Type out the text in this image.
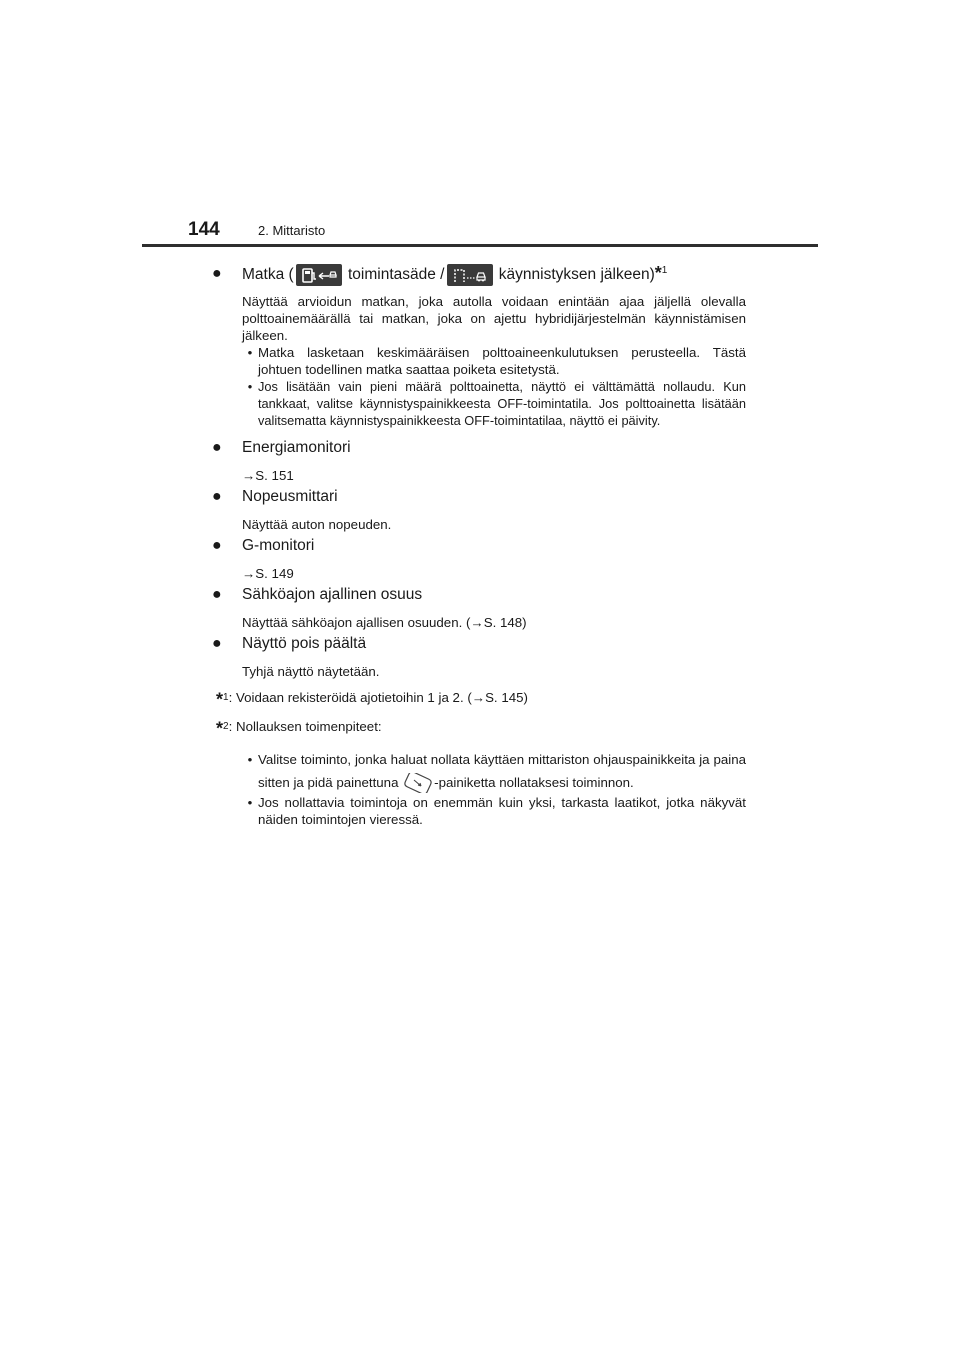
144	2. Mittaristo
●	Matka (	toimintasäde /	käynnistyksen jälkeen)*$^1$
Näyttää arvioidun matkan, joka autolla voidaan enintään ajaa jäljellä olevalla polttoainemäärällä tai matkan, joka on ajettu hybridijärjestelmän käynnistämisen jälkeen.
• Matka lasketaan keskimääräisen polttoaineenkulutuksen perusteella. Tästä johtuen todellinen matka saattaa poiketa esitetystä.
• Jos lisätään vain pieni määrä polttoainetta, näyttö ei välttämättä nollaudu. Kun tankkaat, valitse käynnistyspainikkeesta OFF-toimintatila. Jos polttoainetta lisätään valitsematta käynnistyspainikkeesta OFF-toimintatilaa, näyttö ei päivity.
●	Energiamonitori
→S. 151
●	Nopeusmittari
Näyttää auton nopeuden.
●	G-monitori
→S. 149
●	Sähköajon ajallinen osuus
Näyttää sähköajon ajallisen osuuden. (→S. 148)
●	Näyttö pois päältä
Tyhjä näyttö näytetään.
*$^1$ : Voidaan rekisteröidä ajotietoihin 1 ja 2. (→S. 145)
*$^2$ : Nollauksen toimenpiteet:
• Valitse toiminto, jonka haluat nollata käyttäen mittariston ohjauspainikkeita ja paina sitten ja pidä painettuna	-painiketta nollataksesi toiminnon.
• Jos nollattavia toimintoja on enemmän kuin yksi, tarkasta laatikot, jotka näkyvät näiden toimintojen vieressä.
